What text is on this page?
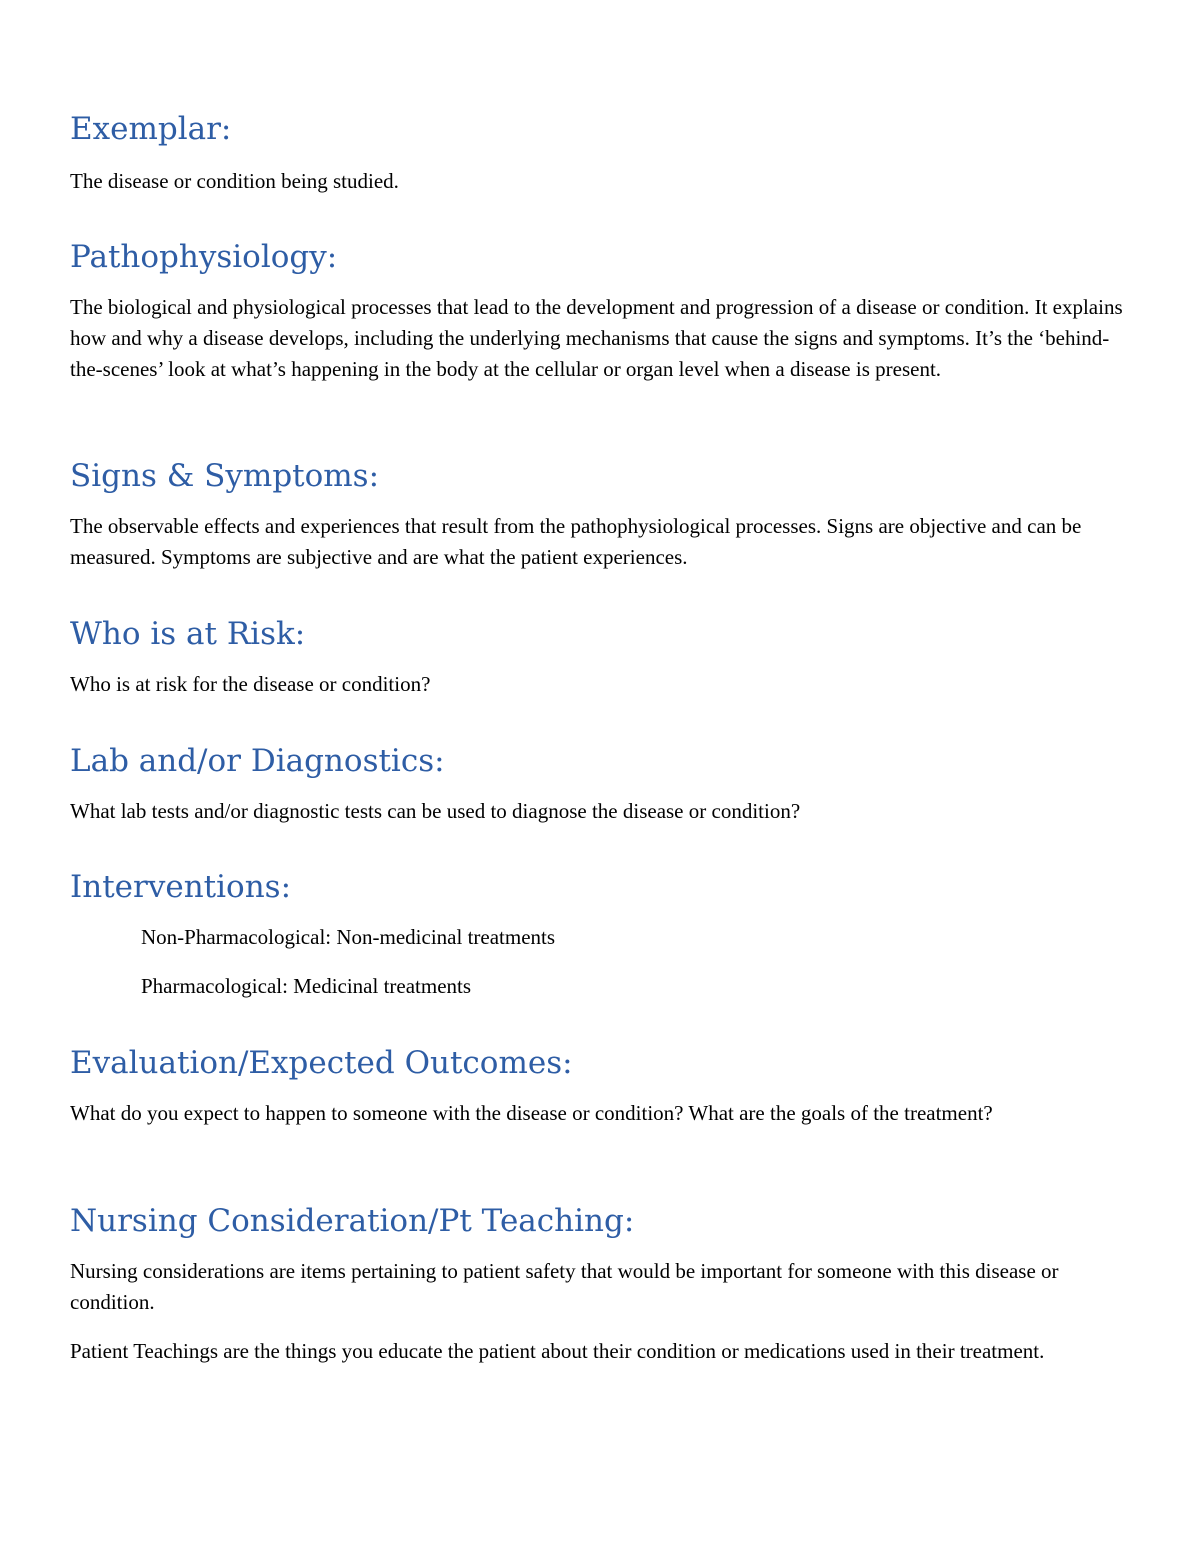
Exemplar:

The disease or condition being studied.

Pathophysiology:

The biological and physiological processes that lead to the development and progression of a disease or condition. It explains how and why a disease develops, including the underlying mechanisms that cause the signs and symptoms. It’s the ‘behind-the-scenes’ look at what’s happening in the body at the cellular or organ level when a disease is present.

Signs & Symptoms:

The observable effects and experiences that result from the pathophysiological processes. Signs are objective and can be measured. Symptoms are subjective and are what the patient experiences.

Who is at Risk:

Who is at risk for the disease or condition?

Lab and/or Diagnostics:

What lab tests and/or diagnostic tests can be used to diagnose the disease or condition?

Interventions:

Non-Pharmacological: Non-medicinal treatments

Pharmacological: Medicinal treatments

Evaluation/Expected Outcomes:

What do you expect to happen to someone with the disease or condition? What are the goals of the treatment?

Nursing Consideration/Pt Teaching:

Nursing considerations are items pertaining to patient safety that would be important for someone with this disease or condition.

Patient Teachings are the things you educate the patient about their condition or medications used in their treatment.
